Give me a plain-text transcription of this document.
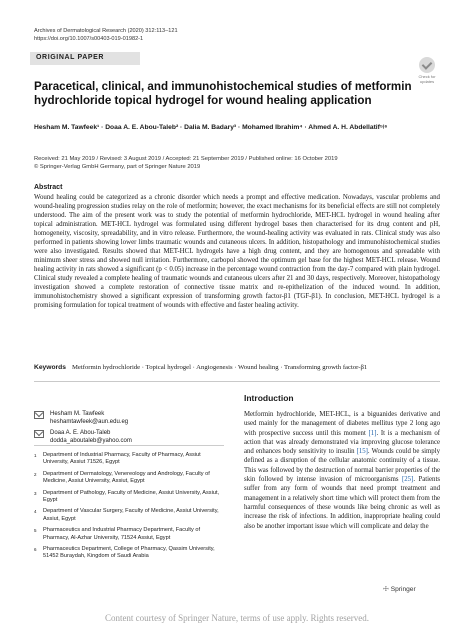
Archives of Dermatological Research (2020) 312:113–121
https://doi.org/10.1007/s00403-019-01982-1
ORIGINAL PAPER
Check for
updates
Paracetical, clinical, and immunohistochemical studies of metformin hydrochloride topical hydrogel for wound healing application
Hesham M. Tawfeek¹ · Doaa A. E. Abou-Taleb² · Dalia M. Badary³ · Mohamed Ibrahim⁴ · Ahmed A. H. Abdellatif⁵ʲ⁶
Received: 21 May 2019 / Revised: 3 August 2019 / Accepted: 21 September 2019 / Published online: 16 October 2019
© Springer-Verlag GmbH Germany, part of Springer Nature 2019
Abstract

Wound healing could be categorized as a chronic disorder which needs a prompt and effective medication. Nowadays, vascular problems and wound-healing progression studies relay on the role of metformin; however, the exact mechanisms for its beneficial effects are still not completely understood. The aim of the present work was to study the potential of metformin hydrochloride, MET-HCL hydrogel in wound healing after topical administration. MET-HCL hydrogel was formulated using different hydrogel bases then characterised for its drug content and pH, homogeneity, viscosity, spreadability, and in vitro release. Furthermore, the wound-healing activity was evaluated in rats. Clinical study was also performed in patients showing lower limbs traumatic wounds and cutaneous ulcers. In addition, histopathology and immunohistochemical studies were also investigated. Results showed that MET-HCL hydrogels have a high drug content, and they are homogenous and spreadable with minimum sheer stress and showed null irritation. Furthermore, carbopol showed the optimum gel base for the highest MET-HCL release. Wound healing activity in rats showed a significant (p < 0.05) increase in the percentage wound contraction from the day-7 compared with plain hydrogel. Clinical study revealed a complete healing of traumatic wounds and cutaneous ulcers after 21 and 30 days, respectively. Moreover, histopathology investigation showed a complete restoration of connective tissue matrix and re-epithelization of the induced wound. In addition, immunohistochemistry showed a significant expression of transforming growth factor-β1 (TGF-β1). In conclusion, MET-HCL hydrogel is a promising formulation for topical treatment of wounds with effective and faster healing activity.

Keywords Metformin hydrochloride · Topical hydrogel · Angiogenesis · Wound healing · Transforming growth factor-β1
Hesham M. Tawfeek
heshamtawfeek@aun.edu.eg
Doaa A. E. Abou-Taleb
dodda_aboutaleb@yahoo.com
1	Department of Industrial Pharmacy, Faculty of Pharmacy, Assiut University, Assiut 71526, Egypt
2	Department of Dermatology, Venereology and Andrology, Faculty of Medicine, Assiut University, Assiut, Egypt
3	Department of Pathology, Faculty of Medicine, Assiut University, Assiut, Egypt
4	Department of Vascular Surgery, Faculty of Medicine, Assiut University, Assiut, Egypt
5	Pharmaceutics and Industrial Pharmacy Department, Faculty of Pharmacy, Al-Azhar University, 71524 Assiut, Egypt
6	Pharmaceutics Department, College of Pharmacy, Qassim University, 51452 Buraydah, Kingdom of Saudi Arabia
Introduction

Metformin hydrochloride, MET-HCL, is a biguanides derivative and used mainly for the management of diabetes mellitus type 2 long ago with prospective success until this moment [1]. It is a mechanism of action that was already demonstrated via improving glucose tolerance and enhances body sensitivity to insulin [15]. Wounds could be simply defined as a disruption of the cellular anatomic continuity of a tissue. This was followed by the destruction of normal barrier properties of the skin followed by intense invasion of microorganisms [25]. Patients suffer from any form of wounds that need prompt treatment and management in a relatively short time which will protect them from the harmful consequences of these wounds like being chronic as well as increase the risk of infections. In addition, inappropriate healing could also be another important issue which will complicate and delay the

☩ Springer
Content courtesy of Springer Nature, terms of use apply. Rights reserved.
